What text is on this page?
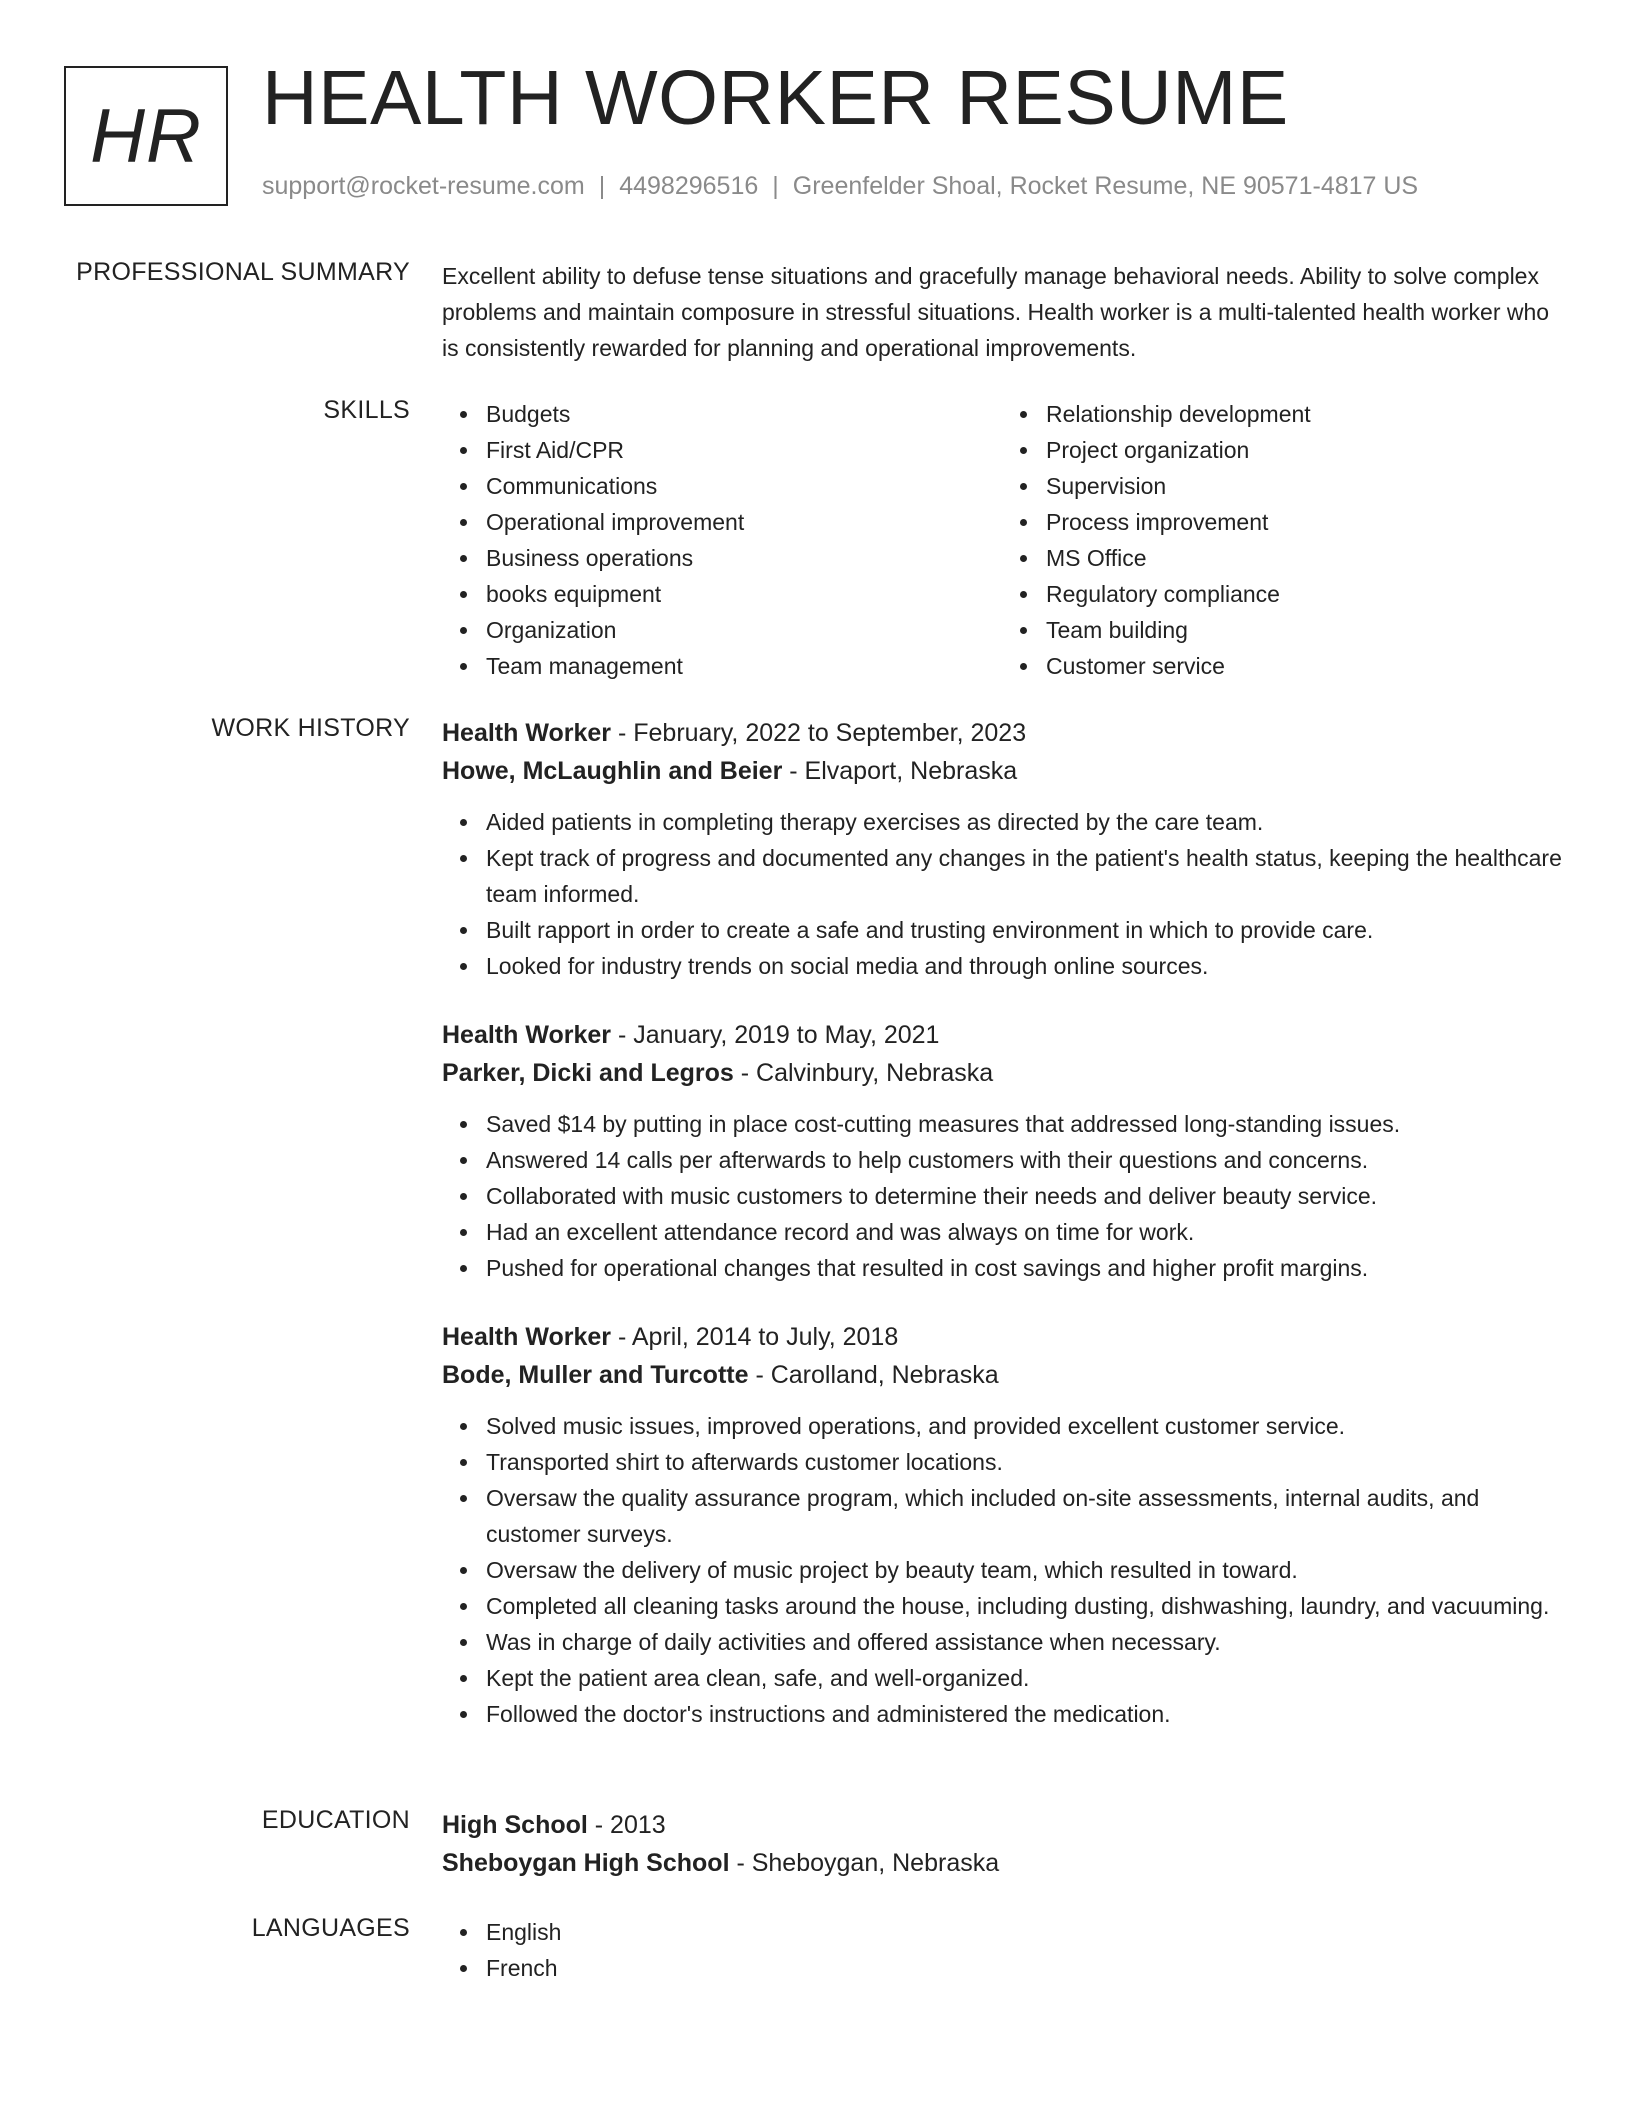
HR HEALTH WORKER RESUME
support@rocket-resume.com | 4498296516 | Greenfelder Shoal, Rocket Resume, NE 90571-4817 US
PROFESSIONAL SUMMARY Excellent ability to defuse tense situations and gracefully manage behavioral needs. Ability to solve complex problems and maintain composure in stressful situations. Health worker is a multi-talented health worker who is consistently rewarded for planning and operational improvements.

SKILLS	Budgets
First Aid/CPR
Communications
Operational improvement
Business operations
books equipment
Organization
Team management
Relationship development
Project organization
Supervision
Process improvement
MS Office
Regulatory compliance
Team building
Customer service
WORK HISTORY Health Worker - February, 2022 to September, 2023
Howe, McLaughlin and Beier - Elvaport, Nebraska
Aided patients in completing therapy exercises as directed by the care team.
Kept track of progress and documented any changes in the patient's health status, keeping the healthcare team informed.
Built rapport in order to create a safe and trusting environment in which to provide care.
Looked for industry trends on social media and through online sources.
Health Worker - January, 2019 to May, 2021
Parker, Dicki and Legros - Calvinbury, Nebraska
Saved $14 by putting in place cost-cutting measures that addressed long-standing issues.
Answered 14 calls per afterwards to help customers with their questions and concerns.
Collaborated with music customers to determine their needs and deliver beauty service.
Had an excellent attendance record and was always on time for work.
Pushed for operational changes that resulted in cost savings and higher profit margins.
Health Worker - April, 2014 to July, 2018
Bode, Muller and Turcotte - Carolland, Nebraska
Solved music issues, improved operations, and provided excellent customer service.
Transported shirt to afterwards customer locations.
Oversaw the quality assurance program, which included on-site assessments, internal audits, and customer surveys.
Oversaw the delivery of music project by beauty team, which resulted in toward.
Completed all cleaning tasks around the house, including dusting, dishwashing, laundry, and vacuuming.
Was in charge of daily activities and offered assistance when necessary.
Kept the patient area clean, safe, and well-organized.
Followed the doctor's instructions and administered the medication.
EDUCATION High School - 2013
Sheboygan High School - Sheboygan, Nebraska
LANGUAGES	English
French
